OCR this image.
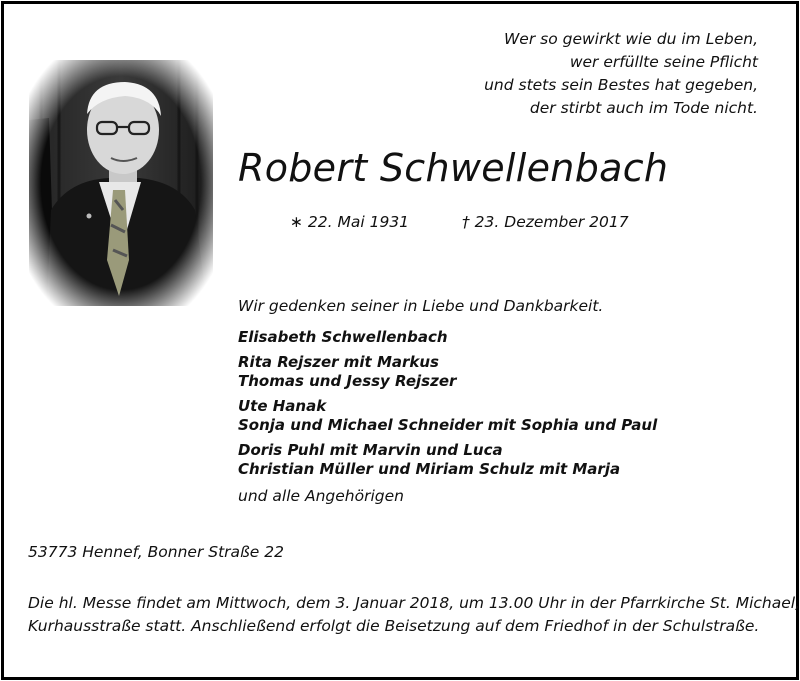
Wer so gewirkt wie du im Leben,
wer erfüllte seine Pflicht
und stets sein Bestes hat gegeben,
der stirbt auch im Tode nicht.
Robert Schwellenbach
∗ 22. Mai 1931	† 23. Dezember 2017
Wir gedenken seiner in Liebe und Dankbarkeit.
Elisabeth Schwellenbach
Rita Rejszer mit Markus
Thomas und Jessy Rejszer
Ute Hanak
Sonja und Michael Schneider mit Sophia und Paul
Doris Puhl mit Marvin und Luca
Christian Müller und Miriam Schulz mit Marja
und alle Angehörigen
53773 Hennef, Bonner Straße 22
Die hl. Messe findet am Mittwoch, dem 3. Januar 2018, um 13.00 Uhr in der Pfarrkirche St. Michael,
Kurhausstraße statt. Anschließend erfolgt die Beisetzung auf dem Friedhof in der Schulstraße.
